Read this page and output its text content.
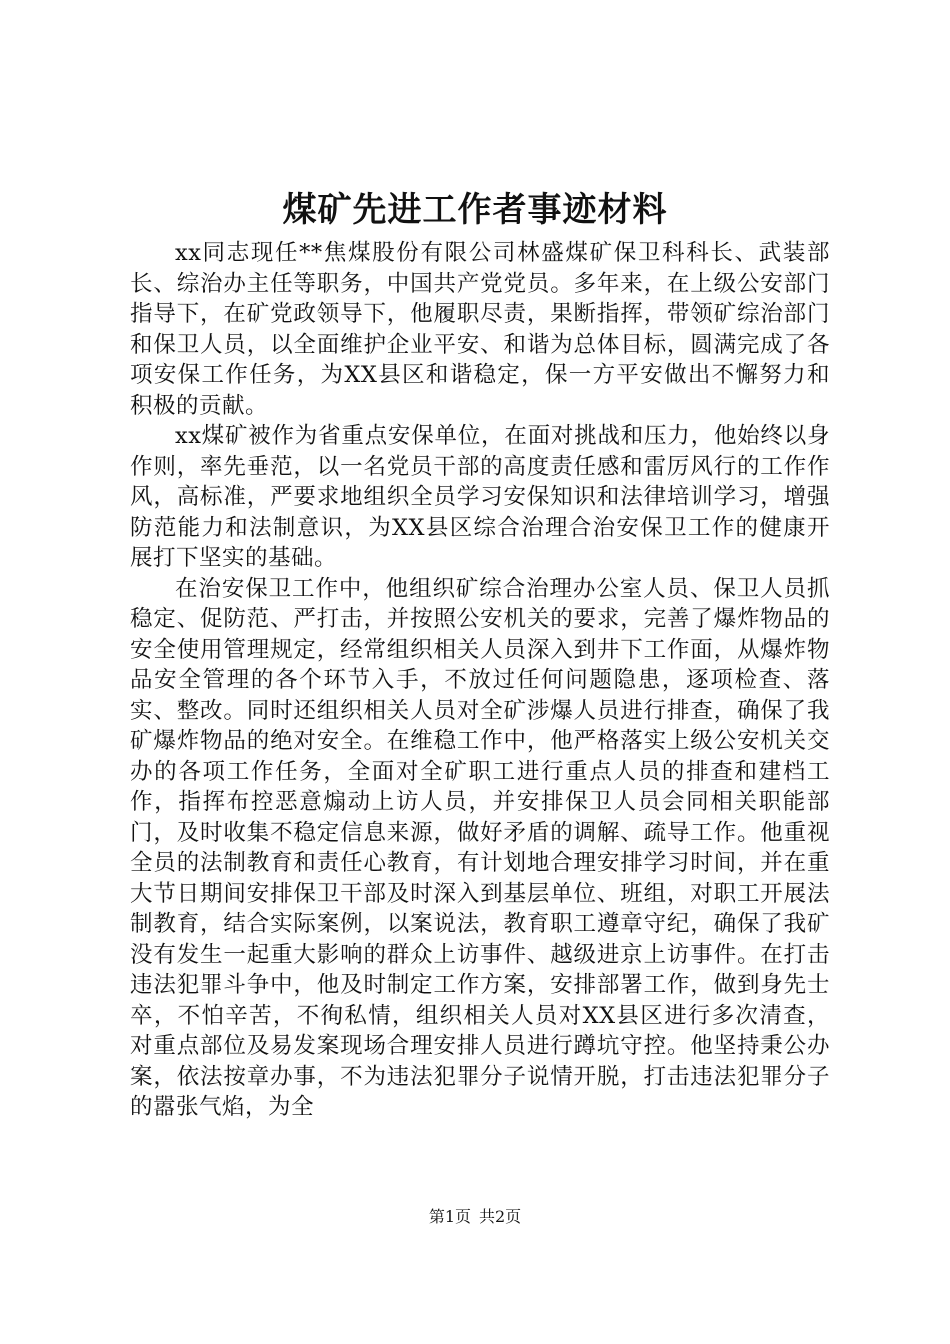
煤矿先进工作者事迹材料

xx同志现任**焦煤股份有限公司林盛煤矿保卫科科长、武装部长、综治办主任等职务，中国共产党党员。多年来，在上级公安部门指导下，在矿党政领导下，他履职尽责，果断指挥，带领矿综治部门和保卫人员，以全面维护企业平安、和谐为总体目标，圆满完成了各项安保工作任务，为XX县区和谐稳定，保一方平安做出不懈努力和积极的贡献。

xx煤矿被作为省重点安保单位，在面对挑战和压力，他始终以身作则，率先垂范，以一名党员干部的高度责任感和雷厉风行的工作作风，高标准，严要求地组织全员学习安保知识和法律培训学习，增强防范能力和法制意识，为XX县区综合治理合治安保卫工作的健康开展打下坚实的基础。

在治安保卫工作中，他组织矿综合治理办公室人员、保卫人员抓稳定、促防范、严打击，并按照公安机关的要求，完善了爆炸物品的安全使用管理规定，经常组织相关人员深入到井下工作面，从爆炸物品安全管理的各个环节入手，不放过任何问题隐患，逐项检查、落实、整改。同时还组织相关人员对全矿涉爆人员进行排查，确保了我矿爆炸物品的绝对安全。在维稳工作中，他严格落实上级公安机关交办的各项工作任务，全面对全矿职工进行重点人员的排查和建档工作，指挥布控恶意煽动上访人员，并安排保卫人员会同相关职能部门，及时收集不稳定信息来源，做好矛盾的调解、疏导工作。他重视全员的法制教育和责任心教育，有计划地合理安排学习时间，并在重大节日期间安排保卫干部及时深入到基层单位、班组，对职工开展法制教育，结合实际案例，以案说法，教育职工遵章守纪，确保了我矿没有发生一起重大影响的群众上访事件、越级进京上访事件。在打击违法犯罪斗争中，他及时制定工作方案，安排部署工作，做到身先士卒，不怕辛苦，不徇私情，组织相关人员对XX县区进行多次清查，对重点部位及易发案现场合理安排人员进行蹲坑守控。他坚持秉公办案，依法按章办事，不为违法犯罪分子说情开脱，打击违法犯罪分子的嚣张气焰，为全

第1页 共2页
